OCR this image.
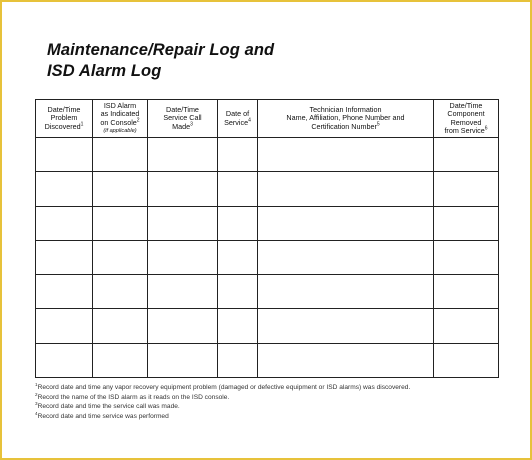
Maintenance/Repair Log and
ISD Alarm Log
Date/Time
Problem
Discovered$^1$	ISD Alarm
as Indicated
on Console$^2$

(if applicable)	Date/Time
Service Call
Made$^3$	Date of
Service$^4$	Technician Information
Name, Affiliation, Phone Number and
Certification Number$^5$	Date/Time
Component
Removed
from Service$^6$

$^1$Record date and time any vapor recovery equipment problem (damaged or defective equipment or ISD alarms) was discovered.
$^2$Record the name of the ISD alarm as it reads on the ISD console.
$^3$Record date and time the service call was made.
$^4$Record date and time service was performed
